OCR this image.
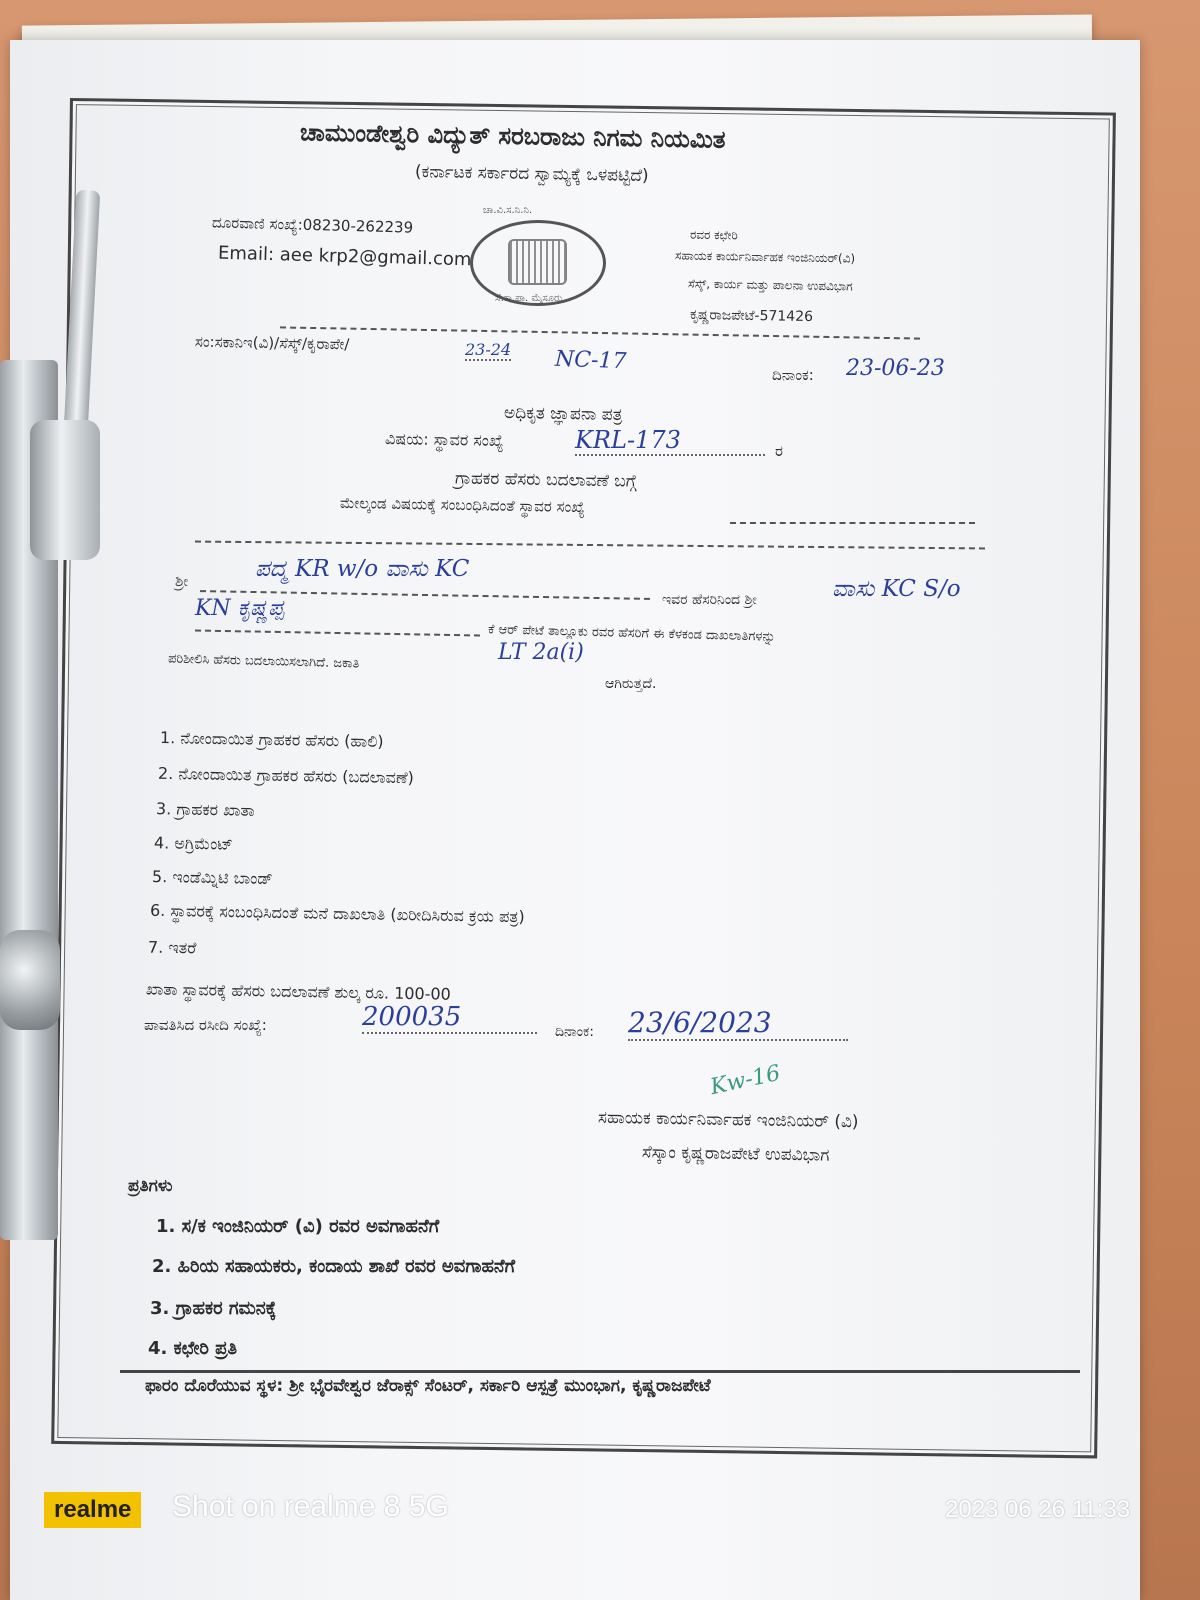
ಚಾಮುಂಡೇಶ್ವರಿ ವಿದ್ಯುತ್ ಸರಬರಾಜು ನಿಗಮ ನಿಯಮಿತ
(ಕರ್ನಾಟಕ ಸರ್ಕಾರದ ಸ್ವಾಮ್ಯಕ್ಕೆ ಒಳಪಟ್ಟಿದೆ)
ದೂರವಾಣಿ ಸಂಖ್ಯೆ:08230-262239
Email: aee krp2@gmail.com
ಚಾ.ವಿ.ಸ.ನಿ.ನಿ.
ಸೆ.ಕಾ.ಪಾ. ಮೈಸೂರು
ರವರ ಕಛೇರಿ
ಸಹಾಯಕ ಕಾರ್ಯನಿರ್ವಾಹಕ ಇಂಜಿನಿಯರ್(ವಿ)
ಸೆಸ್ಕ್, ಕಾರ್ಯ ಮತ್ತು ಪಾಲನಾ ಉಪವಿಭಾಗ
ಕೃಷ್ಣರಾಜಪೇಟೆ-571426
ಸಂ:ಸಕಾನಿಇ(ವಿ)/ಸೆಸ್ಕ್/ಕೃರಾಪೇ/	23-24 NC-17
ದಿನಾಂಕ: 23-06-23
ಅಧಿಕೃತ ಜ್ಞಾಪನಾ ಪತ್ರ
ವಿಷಯ: ಸ್ಥಾವರ ಸಂಖ್ಯೆ	KRL-173	ರ
ಗ್ರಾಹಕರ ಹೆಸರು ಬದಲಾವಣೆ ಬಗ್ಗೆ
ಮೇಲ್ಕಂಡ ವಿಷಯಕ್ಕೆ ಸಂಬಂಧಿಸಿದಂತೆ ಸ್ಥಾವರ ಸಂಖ್ಯೆ
ಶ್ರೀ	ಪದ್ಮ KR w/o ವಾಸು KC
ಇವರ ಹೆಸರಿನಿಂದ ಶ್ರೀ	ವಾಸು KC S/o
KN ಕೃಷ್ಣಪ್ಪ
ಕೆ ಆರ್ ಪೇಟೆ ತಾಲ್ಲೂಕು ರವರ ಹೆಸರಿಗೆ ಈ ಕೆಳಕಂಡ ದಾಖಲಾತಿಗಳನ್ನು
ಪರಿಶೀಲಿಸಿ ಹೆಸರು ಬದಲಾಯಿಸಲಾಗಿದೆ. ಜಕಾತಿ	LT 2a(i)
ಆಗಿರುತ್ತದೆ.
1. ನೋಂದಾಯಿತ ಗ್ರಾಹಕರ ಹೆಸರು (ಹಾಲಿ)
2. ನೋಂದಾಯಿತ ಗ್ರಾಹಕರ ಹೆಸರು (ಬದಲಾವಣೆ)
3. ಗ್ರಾಹಕರ ಖಾತಾ
4. ಅಗ್ರಿಮೆಂಟ್
5. ಇಂಡೆಮ್ನಿಟಿ ಬಾಂಡ್
6. ಸ್ಥಾವರಕ್ಕೆ ಸಂಬಂಧಿಸಿದಂತೆ ಮನೆ ದಾಖಲಾತಿ (ಖರೀದಿಸಿರುವ ಕ್ರಯ ಪತ್ರ)
7. ಇತರೆ
ಖಾತಾ ಸ್ಥಾವರಕ್ಕೆ ಹೆಸರು ಬದಲಾವಣೆ ಶುಲ್ಕ ರೂ. 100-00
ಪಾವತಿಸಿದ ರಸೀದಿ ಸಂಖ್ಯೆ:	200035	ದಿನಾಂಕ: 23/6/2023
Kw-16
ಸಹಾಯಕ ಕಾರ್ಯನಿರ್ವಾಹಕ ಇಂಜಿನಿಯರ್ (ವಿ)
ಸೆಸ್ಕಾಂ ಕೃಷ್ಣರಾಜಪೇಟೆ ಉಪವಿಭಾಗ
ಪ್ರತಿಗಳು
1. ಸ/ಕ ಇಂಜಿನಿಯರ್ (ವಿ) ರವರ ಅವಗಾಹನೆಗೆ
2. ಹಿರಿಯ ಸಹಾಯಕರು, ಕಂದಾಯ ಶಾಖೆ ರವರ ಅವಗಾಹನೆಗೆ
3. ಗ್ರಾಹಕರ ಗಮನಕ್ಕೆ
4. ಕಛೇರಿ ಪ್ರತಿ
ಫಾರಂ ದೊರೆಯುವ ಸ್ಥಳ: ಶ್ರೀ ಭೈರವೇಶ್ವರ ಜೆರಾಕ್ಸ್ ಸೆಂಟರ್, ಸರ್ಕಾರಿ ಆಸ್ಪತ್ರೆ ಮುಂಭಾಗ, ಕೃಷ್ಣರಾಜಪೇಟೆ
realme	Shot on realme 8 5G	2023 06 26 11:33
